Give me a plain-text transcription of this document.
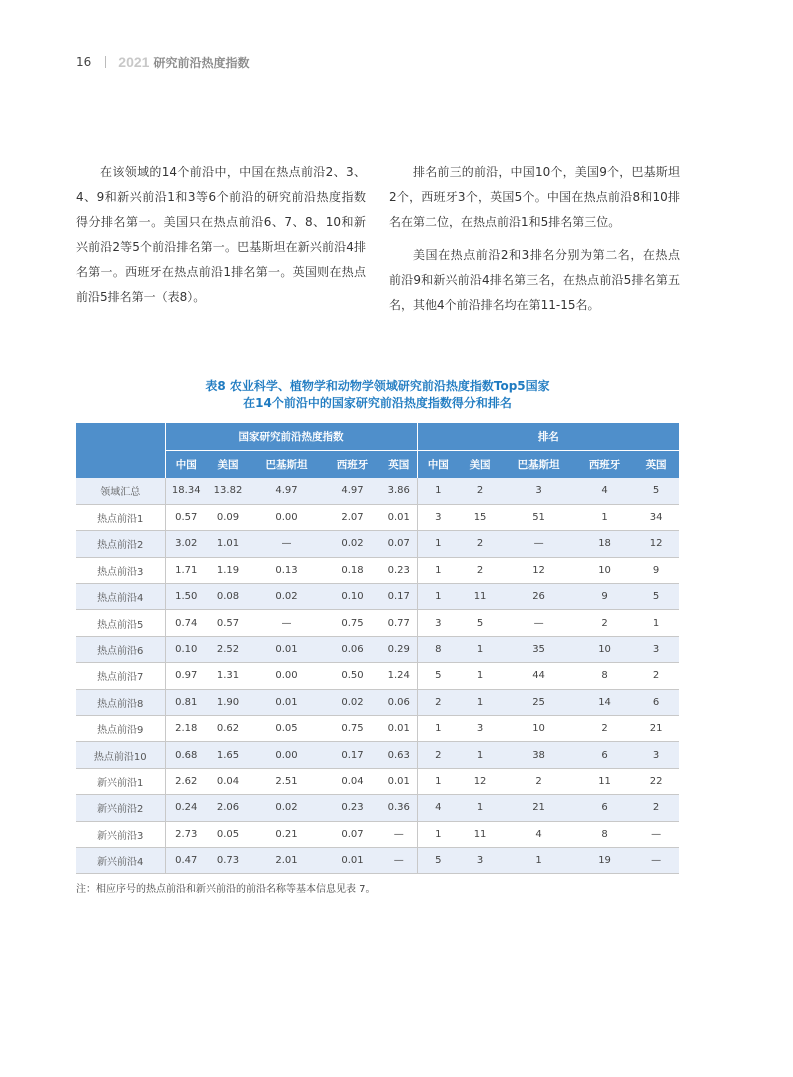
16 2021 研究前沿热度指数

在该领域的14个前沿中，中国在热点前沿2、3、4、9和新兴前沿1和3等6个前沿的研究前沿热度指数得分排名第一。美国只在热点前沿6、7、8、10和新兴前沿2等5个前沿排名第一。巴基斯坦在新兴前沿4排名第一。西班牙在热点前沿1排名第一。英国则在热点前沿5排名第一（表8）。

排名前三的前沿，中国10个，美国9个，巴基斯坦2个，西班牙3个，英国5个。中国在热点前沿8和10排名在第二位，在热点前沿1和5排名第三位。

美国在热点前沿2和3排名分别为第二名，在热点前沿9和新兴前沿4排名第三名，在热点前沿5排名第五名，其他4个前沿排名均在第11-15名。

表8 农业科学、植物学和动物学领域研究前沿热度指数Top5国家
在14个前沿中的国家研究前沿热度指数得分和排名
	国家研究前沿热度指数					排名				
	中国	美国	巴基斯坦	西班牙	英国	中国	美国	巴基斯坦	西班牙	英国
领域汇总	18.34	13.82	4.97	4.97	3.86	1	2	3	4	5
热点前沿1	0.57	0.09	0.00	2.07	0.01	3	15	51	1	34
热点前沿2	3.02	1.01	—	0.02	0.07	1	2	—	18	12
热点前沿3	1.71	1.19	0.13	0.18	0.23	1	2	12	10	9
热点前沿4	1.50	0.08	0.02	0.10	0.17	1	11	26	9	5
热点前沿5	0.74	0.57	—	0.75	0.77	3	5	—	2	1
热点前沿6	0.10	2.52	0.01	0.06	0.29	8	1	35	10	3
热点前沿7	0.97	1.31	0.00	0.50	1.24	5	1	44	8	2
热点前沿8	0.81	1.90	0.01	0.02	0.06	2	1	25	14	6
热点前沿9	2.18	0.62	0.05	0.75	0.01	1	3	10	2	21
热点前沿10	0.68	1.65	0.00	0.17	0.63	2	1	38	6	3
新兴前沿1	2.62	0.04	2.51	0.04	0.01	1	12	2	11	22
新兴前沿2	0.24	2.06	0.02	0.23	0.36	4	1	21	6	2
新兴前沿3	2.73	0.05	0.21	0.07	—	1	11	4	8	—
新兴前沿4	0.47	0.73	2.01	0.01	—	5	3	1	19	—
注：相应序号的热点前沿和新兴前沿的前沿名称等基本信息见表 7。
